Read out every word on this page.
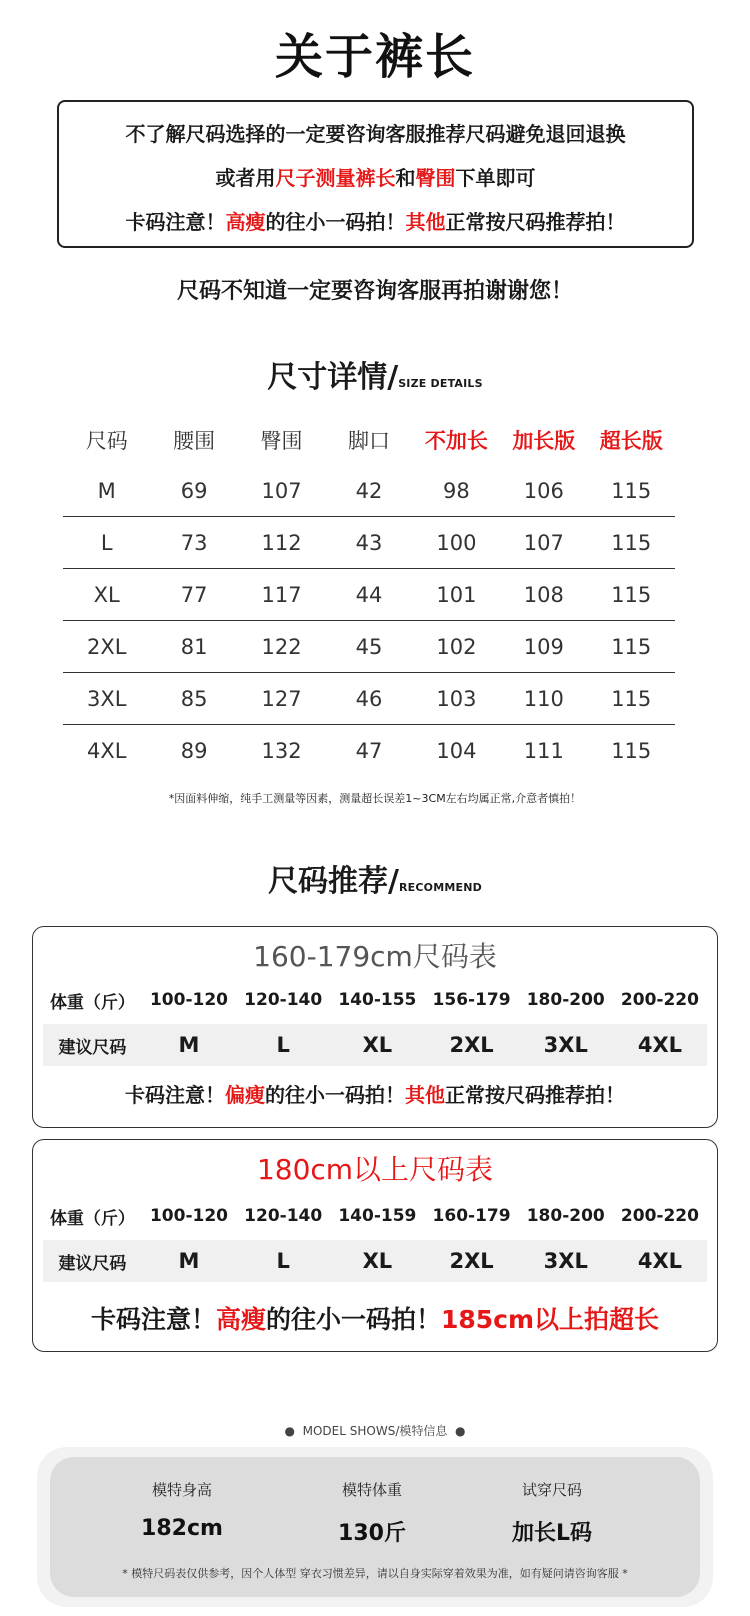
关于裤长
不了解尺码选择的一定要咨询客服推荐尺码避免退回退换
或者用尺子测量裤长和臀围下单即可
卡码注意！高瘦的往小一码拍！其他正常按尺码推荐拍！
尺码不知道一定要咨询客服再拍谢谢您！
尺寸详情/SIZE DETAILS
尺码	腰围	臀围	脚口	不加长	加长版	超长版
M	69	107	42	98	106	115
L	73	112	43	100	107	115
XL	77	117	44	101	108	115
2XL	81	122	45	102	109	115
3XL	85	127	46	103	110	115
4XL	89	132	47	104	111	115
*因面料伸缩，纯手工测量等因素，测量超长误差1~3CM左右均属正常,介意者慎拍！
尺码推荐/RECOMMEND
160-179cm尺码表
体重（斤） 100-120 120-140 140-155 156-179 180-200 200-220
建议尺码	M	L	XL	2XL	3XL	4XL
卡码注意！偏瘦的往小一码拍！其他正常按尺码推荐拍！
180cm以上尺码表
体重（斤） 100-120 120-140 140-159 160-179 180-200 200-220
建议尺码	M	L	XL	2XL	3XL	4XL
卡码注意！高瘦的往小一码拍！185cm以上拍超长
● MODEL SHOWS/模特信息 ●
模特身高
182cm
模特体重
130斤
试穿尺码
加长L码
* 模特尺码表仅供参考，因个人体型 穿衣习惯差异，请以自身实际穿着效果为准，如有疑问请咨询客服 *
